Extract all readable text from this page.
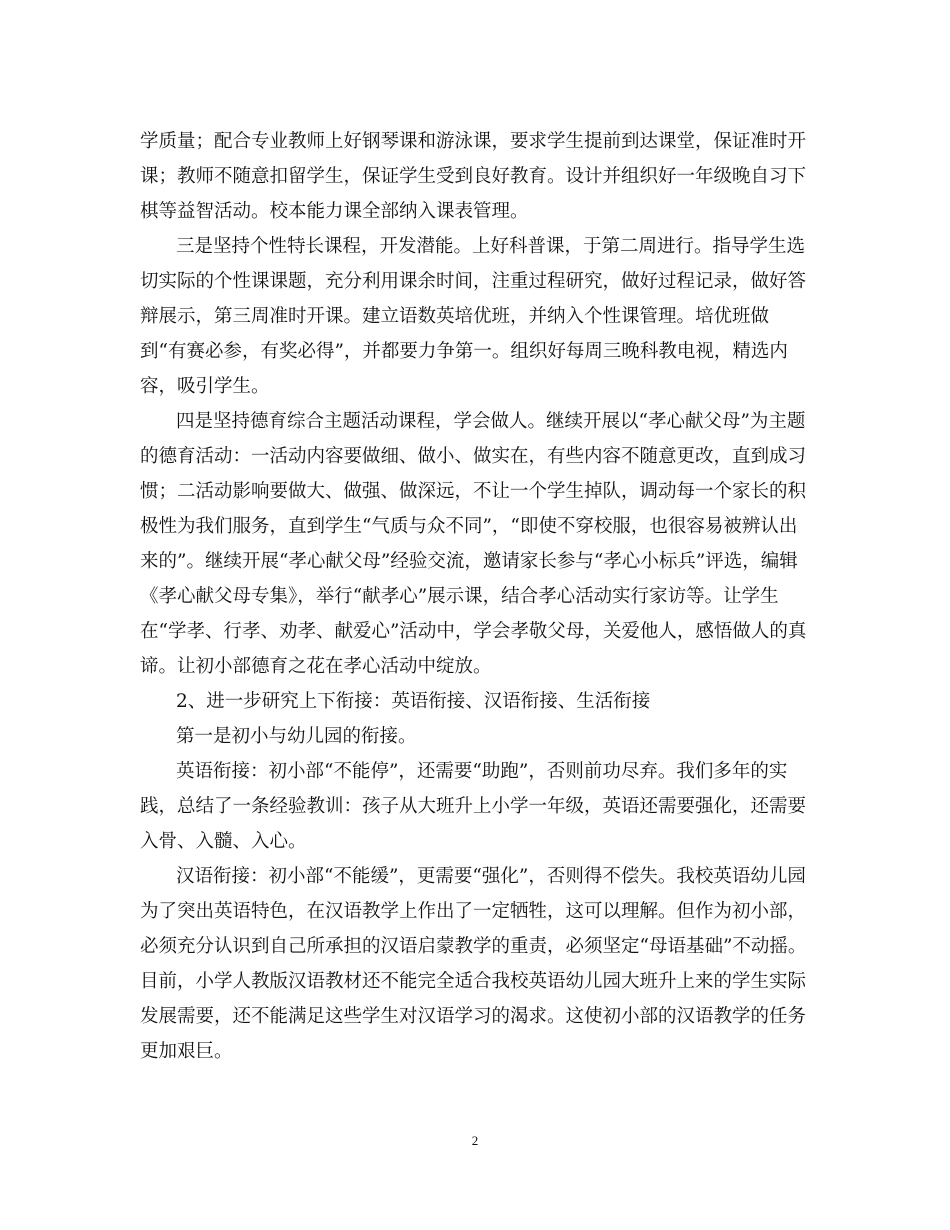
学质量；配合专业教师上好钢琴课和游泳课，要求学生提前到达课堂，保证准时开
课；教师不随意扣留学生，保证学生受到良好教育。设计并组织好一年级晚自习下
棋等益智活动。校本能力课全部纳入课表管理。
三是坚持个性特长课程，开发潜能。上好科普课，于第二周进行。指导学生选
切实际的个性课课题，充分利用课余时间，注重过程研究，做好过程记录，做好答
辩展示，第三周准时开课。建立语数英培优班，并纳入个性课管理。培优班做
到“有赛必参，有奖必得”，并都要力争第一。组织好每周三晚科教电视，精选内
容，吸引学生。
四是坚持德育综合主题活动课程，学会做人。继续开展以“孝心献父母”为主题
的德育活动：一活动内容要做细、做小、做实在，有些内容不随意更改，直到成习
惯；二活动影响要做大、做强、做深远，不让一个学生掉队，调动每一个家长的积
极性为我们服务，直到学生“气质与众不同”，“即使不穿校服，也很容易被辨认出
来的”。继续开展“孝心献父母”经验交流，邀请家长参与“孝心小标兵”评选，编辑
《孝心献父母专集》，举行“献孝心”展示课，结合孝心活动实行家访等。让学生
在“学孝、行孝、劝孝、献爱心”活动中，学会孝敬父母，关爱他人，感悟做人的真
谛。让初小部德育之花在孝心活动中绽放。
2、进一步研究上下衔接：英语衔接、汉语衔接、生活衔接
第一是初小与幼儿园的衔接。
英语衔接：初小部“不能停”，还需要“助跑”，否则前功尽弃。我们多年的实
践，总结了一条经验教训：孩子从大班升上小学一年级，英语还需要强化，还需要
入骨、入髓、入心。
汉语衔接：初小部“不能缓”，更需要“强化”，否则得不偿失。我校英语幼儿园
为了突出英语特色，在汉语教学上作出了一定牺牲，这可以理解。但作为初小部，
必须充分认识到自己所承担的汉语启蒙教学的重责，必须坚定“母语基础”不动摇。
目前，小学人教版汉语教材还不能完全适合我校英语幼儿园大班升上来的学生实际
发展需要，还不能满足这些学生对汉语学习的渴求。这使初小部的汉语教学的任务
更加艰巨。
2
